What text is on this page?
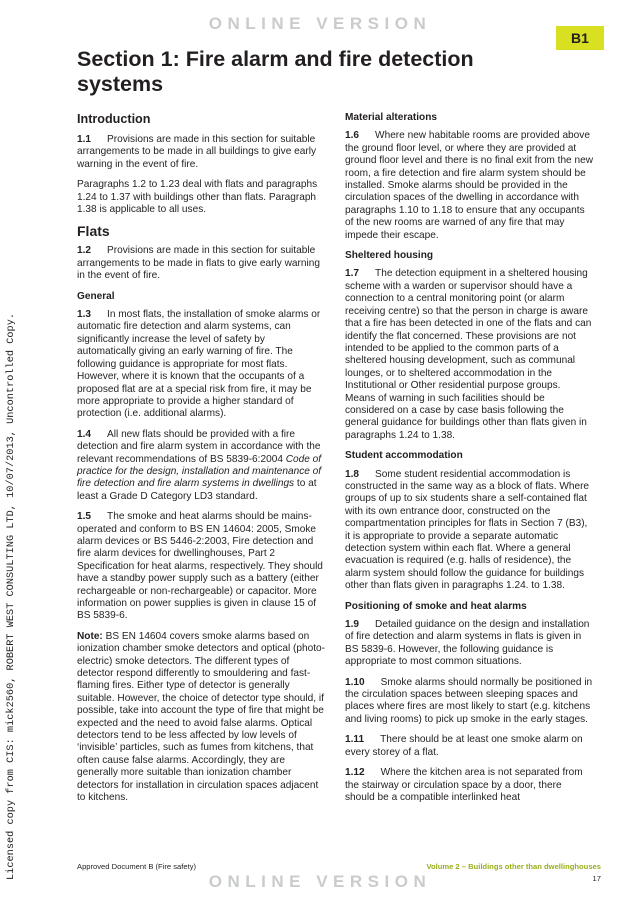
ONLINE VERSION
B1
Licensed copy from CIS: mick2560, ROBERT WEST CONSULTING LTD, 10/07/2013, Uncontrolled Copy.
Section 1: Fire alarm and fire detection systems
Introduction

1.1 Provisions are made in this section for suitable arrangements to be made in all buildings to give early warning in the event of fire.

Paragraphs 1.2 to 1.23 deal with flats and paragraphs 1.24 to 1.37 with buildings other than flats. Paragraph 1.38 is applicable to all uses.

Flats

1.2 Provisions are made in this section for suitable arrangements to be made in flats to give early warning in the event of fire.

General

1.3 In most flats, the installation of smoke alarms or automatic fire detection and alarm systems, can significantly increase the level of safety by automatically giving an early warning of fire. The following guidance is appropriate for most flats. However, where it is known that the occupants of a proposed flat are at a special risk from fire, it may be more appropriate to provide a higher standard of protection (i.e. additional alarms).

1.4 All new flats should be provided with a fire detection and fire alarm system in accordance with the relevant recommendations of BS 5839-6:2004 Code of practice for the design, installation and maintenance of fire detection and fire alarm systems in dwellings to at least a Grade D Category LD3 standard.

1.5 The smoke and heat alarms should be mains-operated and conform to BS EN 14604: 2005, Smoke alarm devices or BS 5446-2:2003, Fire detection and fire alarm devices for dwellinghouses, Part 2 Specification for heat alarms, respectively. They should have a standby power supply such as a battery (either rechargeable or non-rechargeable) or capacitor. More information on power supplies is given in clause 15 of BS 5839-6.

Note: BS EN 14604 covers smoke alarms based on ionization chamber smoke detectors and optical (photo-electric) smoke detectors. The different types of detector respond differently to smouldering and fast-flaming fires. Either type of detector is generally suitable. However, the choice of detector type should, if possible, take into account the type of fire that might be expected and the need to avoid false alarms. Optical detectors tend to be less affected by low levels of ‘invisible’ particles, such as fumes from kitchens, that often cause false alarms. Accordingly, they are generally more suitable than ionization chamber detectors for installation in circulation spaces adjacent to kitchens.

Material alterations

1.6 Where new habitable rooms are provided above the ground floor level, or where they are provided at ground floor level and there is no final exit from the new room, a fire detection and fire alarm system should be installed. Smoke alarms should be provided in the circulation spaces of the dwelling in accordance with paragraphs 1.10 to 1.18 to ensure that any occupants of the new rooms are warned of any fire that may impede their escape.

Sheltered housing

1.7 The detection equipment in a sheltered housing scheme with a warden or supervisor should have a connection to a central monitoring point (or alarm receiving centre) so that the person in charge is aware that a fire has been detected in one of the flats and can identify the flat concerned. These provisions are not intended to be applied to the common parts of a sheltered housing development, such as communal lounges, or to sheltered accommodation in the Institutional or Other residential purpose groups. Means of warning in such facilities should be considered on a case by case basis following the general guidance for buildings other than flats given in paragraphs 1.24 to 1.38.

Student accommodation

1.8 Some student residential accommodation is constructed in the same way as a block of flats. Where groups of up to six students share a self-contained flat with its own entrance door, constructed on the compartmentation principles for flats in Section 7 (B3), it is appropriate to provide a separate automatic detection system within each flat. Where a general evacuation is required (e.g. halls of residence), the alarm system should follow the guidance for buildings other than flats given in paragraphs 1.24. to 1.38.

Positioning of smoke and heat alarms

1.9 Detailed guidance on the design and installation of fire detection and alarm systems in flats is given in BS 5839-6. However, the following guidance is appropriate to most common situations.

1.10 Smoke alarms should normally be positioned in the circulation spaces between sleeping spaces and places where fires are most likely to start (e.g. kitchens and living rooms) to pick up smoke in the early stages.

1.11 There should be at least one smoke alarm on every storey of a flat.

1.12 Where the kitchen area is not separated from the stairway or circulation space by a door, there should be a compatible interlinked heat

Approved Document B (Fire safety)	Volume 2 – Buildings other than dwellinghouses
17
ONLINE VERSION
